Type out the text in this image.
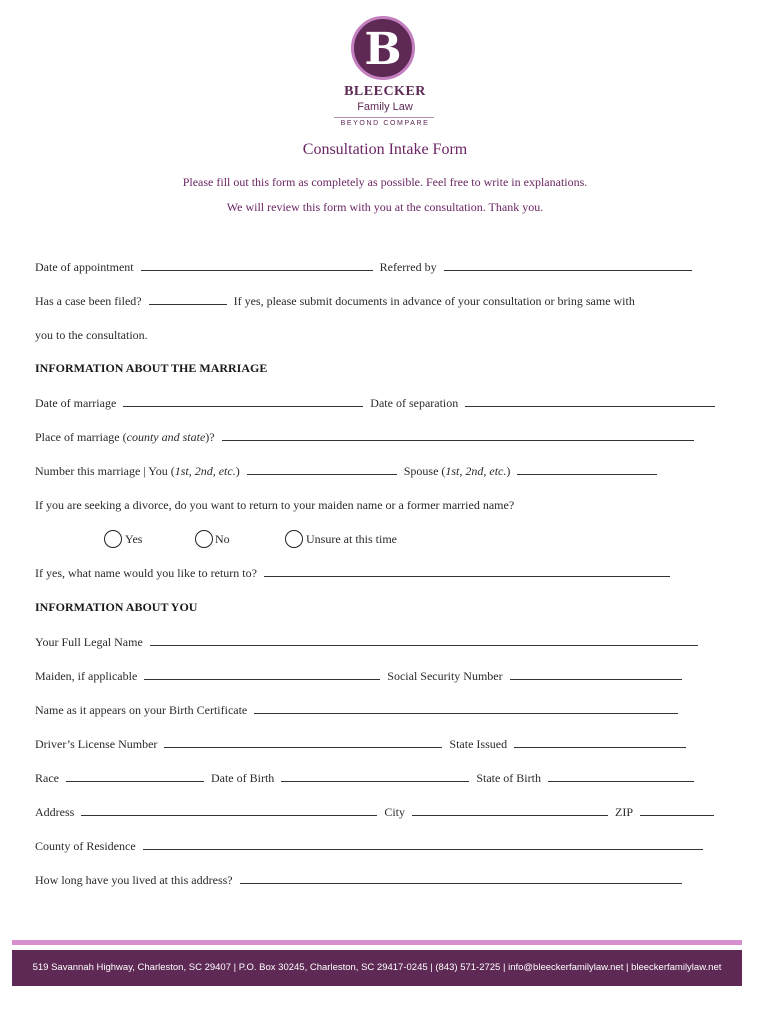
B
BLEECKER
Family Law
BEYOND COMPARE
Consultation Intake Form
Please fill out this form as completely as possible. Feel free to write in explanations.
We will review this form with you at the consultation. Thank you.
Date of appointment	Referred by
Has a case been filed?	If yes, please submit documents in advance of your consultation or bring same with
you to the consultation.
INFORMATION ABOUT THE MARRIAGE
Date of marriage	Date of separation
Place of marriage (county and state)?
Number this marriage | You (1st, 2nd, etc.)	Spouse (1st, 2nd, etc.)
If you are seeking a divorce, do you want to return to your maiden name or a former married name?
Yes	No	Unsure at this time
If yes, what name would you like to return to?
INFORMATION ABOUT YOU
Your Full Legal Name
Maiden, if applicable	Social Security Number
Name as it appears on your Birth Certificate
Driver’s License Number	State Issued
Race	Date of Birth	State of Birth
Address	City	ZIP
County of Residence
How long have you lived at this address?
519 Savannah Highway, Charleston, SC 29407 | P.O. Box 30245, Charleston, SC 29417-0245 | (843) 571-2725 | info@bleeckerfamilylaw.net | bleeckerfamilylaw.net
